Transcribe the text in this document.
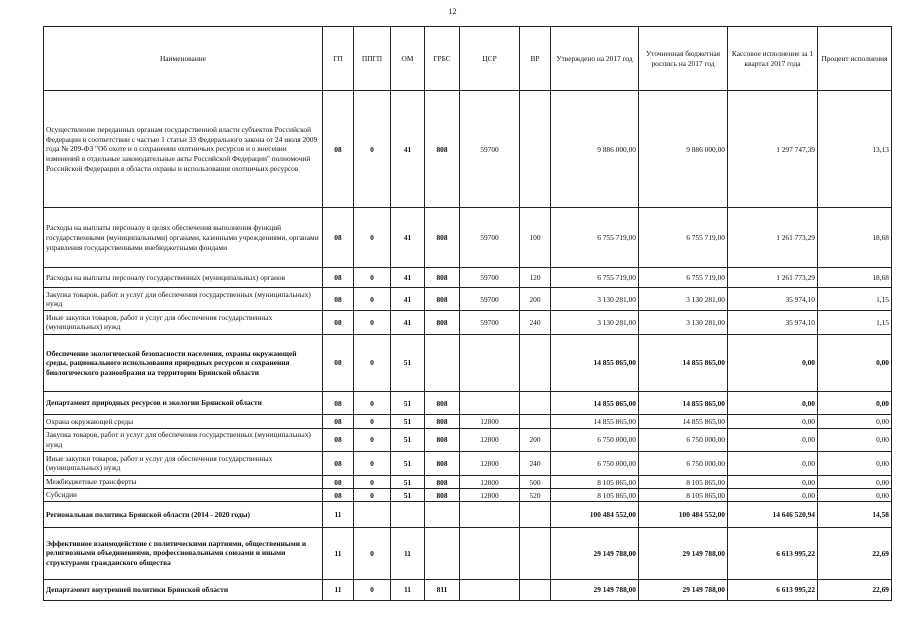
12
Наименование	ГП	ППГП	ОМ	ГРБС	ЦСР	ВР	Утверждено на 2017 год	Уточненная бюджетная роспись на 2017 год	Кассовое исполнение за 1 квартал 2017 года	Процент исполнения
Осуществление переданных органам государственной власти субъектов Российской Федерации в соответствии с частью 1 статьи 33 Федерального закона от 24 июля 2009 года № 209-ФЗ "Об охоте и о сохранении охотничьих ресурсов и о внесении изменений в отдельные законодательные акты Российской Федерации" полномочий Российской Федерации в области охраны и использования охотничьих ресурсов	08	0	41	808	59700		9 886 000,00	9 886 000,00	1 297 747,39	13,13
Расходы на выплаты персоналу в целях обеспечения выполнения функций государственными (муниципальными) органами, казенными учреждениями, органами управления государственными внебюджетными фондами	08	0	41	808	59700	100	6 755 719,00	6 755 719,00	1 261 773,29	18,68
Расходы на выплаты персоналу государственных (муниципальных) органов	08	0	41	808	59700	120	6 755 719,00	6 755 719,00	1 261 773,29	18,68
Закупка товаров, работ и услуг для обеспечения государственных (муниципальных) нужд	08	0	41	808	59700	200	3 130 281,00	3 130 281,00	35 974,10	1,15
Иные закупки товаров, работ и услуг для обеспечения государственных (муниципальных) нужд	08	0	41	808	59700	240	3 130 281,00	3 130 281,00	35 974,10	1,15
Обеспечение экологической безопасности населения, охраны окружающей среды, рационального использования природных ресурсов и сохранения биологического разнообразия на территории Брянской области	08	0	51				14 855 865,00	14 855 865,00	0,00	0,00
Департамент природных ресурсов и экологии Брянской области	08	0	51	808			14 855 865,00	14 855 865,00	0,00	0,00
Охрана окружающей среды	08	0	51	808	12800		14 855 865,00	14 855 865,00	0,00	0,00
Закупка товаров, работ и услуг для обеспечения государственных (муниципальных) нужд	08	0	51	808	12800	200	6 750 000,00	6 750 000,00	0,00	0,00
Иные закупки товаров, работ и услуг для обеспечения государственных (муниципальных) нужд	08	0	51	808	12800	240	6 750 000,00	6 750 000,00	0,00	0,00
Межбюджетные трансферты	08	0	51	808	12800	500	8 105 865,00	8 105 865,00	0,00	0,00
Субсидии	08	0	51	808	12800	520	8 105 865,00	8 105 865,00	0,00	0,00
Региональная политика Брянской области (2014 - 2020 годы)	11						100 484 552,00	100 484 552,00	14 646 520,94	14,58
Эффективное взаимодействие с политическими партиями, общественными и религиозными объединениями, профессиональными союзами и иными структурами гражданского общества	11	0	11				29 149 788,00	29 149 788,00	6 613 995,22	22,69
Департамент внутренней политики Брянской области	11	0	11	811			29 149 788,00	29 149 788,00	6 613 995,22	22,69
